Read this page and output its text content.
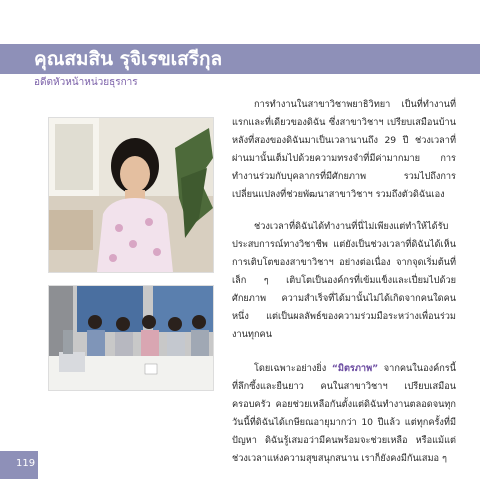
คุณสมสิน รุจิเรขเสรีกุล
อดีตหัวหน้าหน่วยธุรการ

การทำงานในสาขาวิชาพยาธิวิทยา เป็นที่ทำงานที่แรกและที่เดียวของดิฉัน ซึ่งสาขาวิชาฯ เปรียบเสมือนบ้านหลังที่สองของดิฉันมาเป็นเวลานานถึง 29 ปี ช่วงเวลาที่ผ่านมานั้นเต็มไปด้วยความทรงจำที่มีค่ามากมาย การทำงานร่วมกับบุคลากรที่มีศักยภาพ รวมไปถึงการเปลี่ยนแปลงที่ช่วยพัฒนาสาขาวิชาฯ รวมถึงตัวดิฉันเอง

ช่วงเวลาที่ดิฉันได้ทำงานที่นี่ไม่เพียงแต่ทำให้ได้รับประสบการณ์ทางวิชาชีพ แต่ยังเป็นช่วงเวลาที่ดิฉันได้เห็นการเติบโตของสาขาวิชาฯ อย่างต่อเนื่อง จากจุดเริ่มต้นที่เล็ก ๆ เติบโตเป็นองค์กรที่เข้มแข็งและเปี่ยมไปด้วยศักยภาพ ความสำเร็จที่ได้มานั้นไม่ได้เกิดจากคนใดคนหนึ่ง แต่เป็นผลลัพธ์ของความร่วมมือระหว่างเพื่อนร่วมงานทุกคน

โดยเฉพาะอย่างยิ่ง “มิตรภาพ” จากคนในองค์กรนี้ที่ลึกซึ้งและยืนยาว คนในสาขาวิชาฯ เปรียบเสมือนครอบครัว คอยช่วยเหลือกันตั้งแต่ดิฉันทำงานตลอดจนทุกวันนี้ที่ดิฉันได้เกษียณอายุมากว่า 10 ปีแล้ว แต่ทุกครั้งที่มีปัญหา ดิฉันรู้เสมอว่ามีคนพร้อมจะช่วยเหลือ หรือแม้แต่ช่วงเวลาแห่งความสุขสนุกสนาน เราก็ยังคงมีกันเสมอ ๆ

119
